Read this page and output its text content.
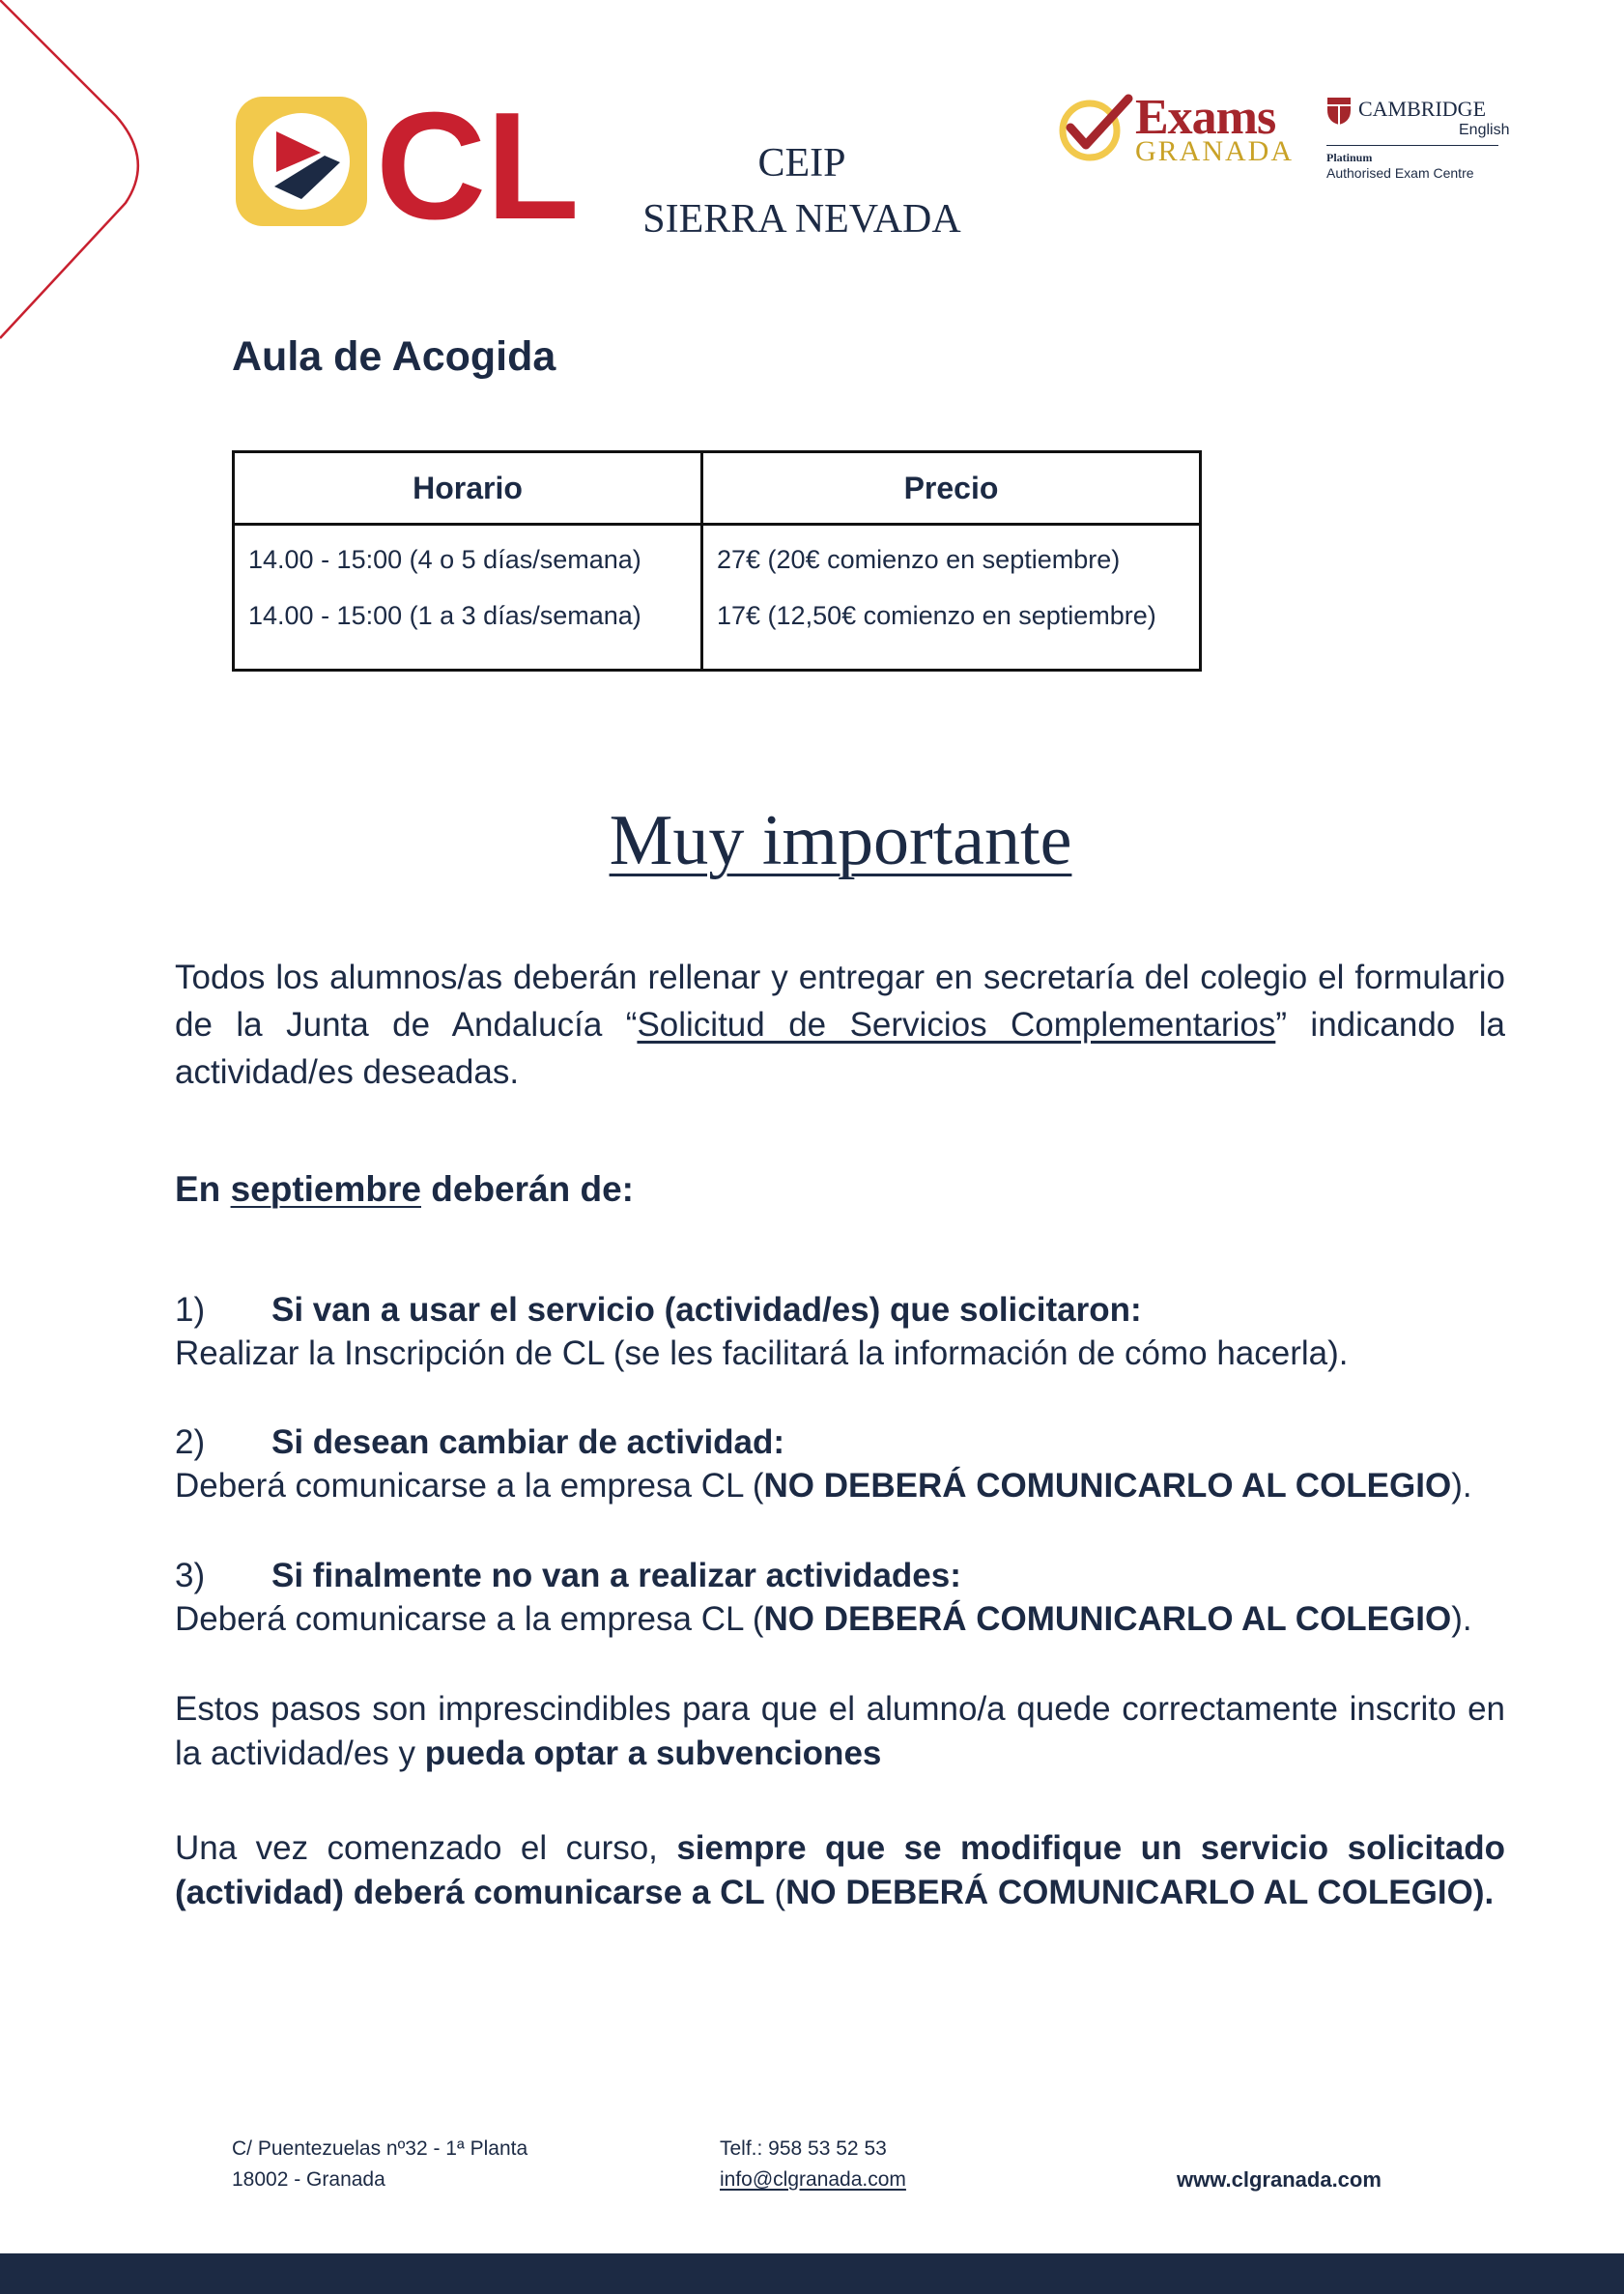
CL	CEIP
SIERRA NEVADA
Exams
GRANADA
CAMBRIDGE
English
Platinum
Authorised Exam Centre
Aula de Acogida
Horario	Precio
14.00 - 15:00 (4 o 5 días/semana)	27€ (20€ comienzo en septiembre)
14.00 - 15:00 (1 a 3 días/semana)	17€ (12,50€ comienzo en septiembre)
Muy importante
Todos los alumnos/as deberán rellenar y entregar en secretaría del colegio el formulario de la Junta de Andalucía “Solicitud de Servicios Complementarios” indicando la actividad/es deseadas.
En septiembre deberán de:
1) Si van a usar el servicio (actividad/es) que solicitaron:
Realizar la Inscripción de CL (se les facilitará la información de cómo hacerla).
2) Si desean cambiar de actividad:
Deberá comunicarse a la empresa CL (NO DEBERÁ COMUNICARLO AL COLEGIO).
3) Si finalmente no van a realizar actividades:
Deberá comunicarse a la empresa CL (NO DEBERÁ COMUNICARLO AL COLEGIO).
Estos pasos son imprescindibles para que el alumno/a quede correctamente inscrito en la actividad/es y pueda optar a subvenciones
Una vez comenzado el curso, siempre que se modifique un servicio solicitado (actividad) deberá comunicarse a CL (NO DEBERÁ COMUNICARLO AL COLEGIO).
C/ Puentezuelas nº32 - 1ª Planta
18002 - Granada
Telf.: 958 53 52 53
info@clgranada.com	www.clgranada.com
